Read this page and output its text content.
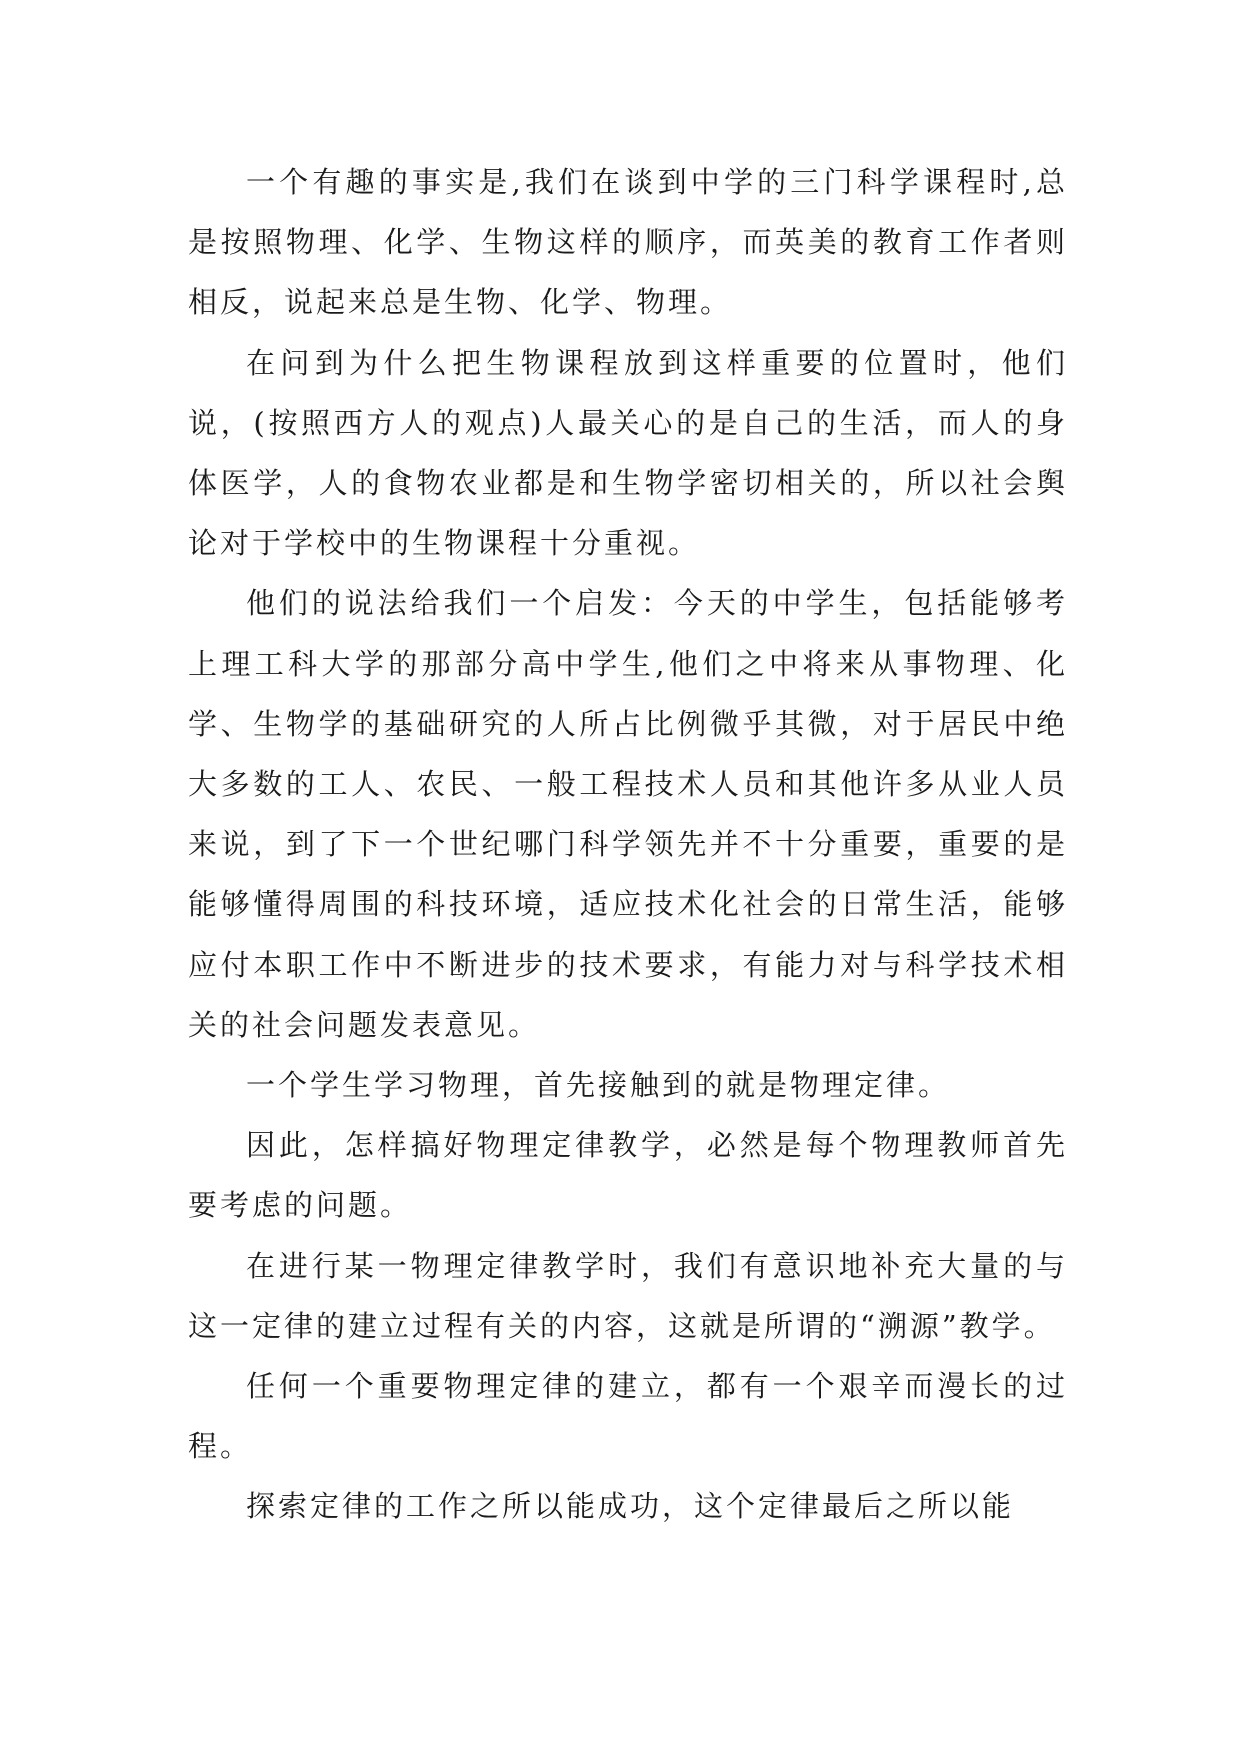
一个有趣的事实是,我们在谈到中学的三门科学课程时,总是按照物理、化学、生物这样的顺序，而英美的教育工作者则相反，说起来总是生物、化学、物理。

在问到为什么把生物课程放到这样重要的位置时，他们说，(按照西方人的观点)人最关心的是自己的生活，而人的身体医学，人的食物农业都是和生物学密切相关的，所以社会舆论对于学校中的生物课程十分重视。

他们的说法给我们一个启发：今天的中学生，包括能够考上理工科大学的那部分高中学生,他们之中将来从事物理、化学、生物学的基础研究的人所占比例微乎其微，对于居民中绝大多数的工人、农民、一般工程技术人员和其他许多从业人员来说，到了下一个世纪哪门科学领先并不十分重要，重要的是能够懂得周围的科技环境，适应技术化社会的日常生活，能够应付本职工作中不断进步的技术要求，有能力对与科学技术相关的社会问题发表意见。

一个学生学习物理，首先接触到的就是物理定律。

因此，怎样搞好物理定律教学，必然是每个物理教师首先要考虑的问题。

在进行某一物理定律教学时，我们有意识地补充大量的与这一定律的建立过程有关的内容，这就是所谓的“溯源”教学。

任何一个重要物理定律的建立，都有一个艰辛而漫长的过程。

探索定律的工作之所以能成功，这个定律最后之所以能
